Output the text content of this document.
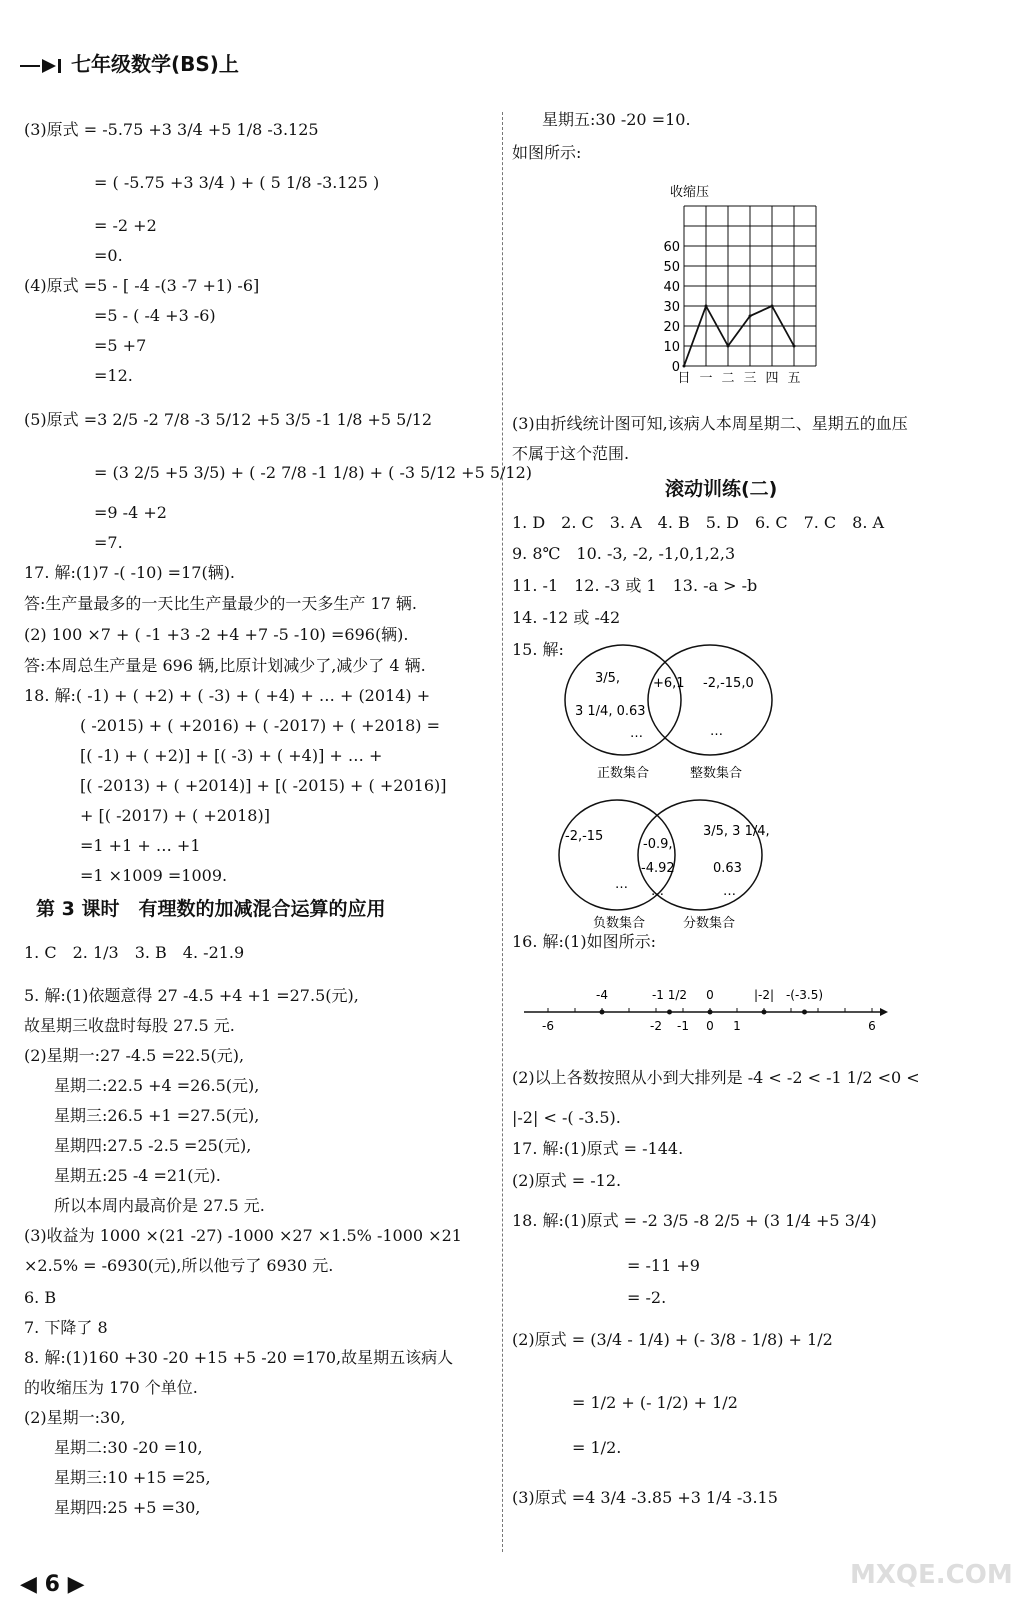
七年级数学(BS)上
(3)原式 = -5.75 +3 3/4 +5 1/8 -3.125
= ( -5.75 +3 3/4 ) + ( 5 1/8 -3.125 )
= -2 +2
=0.
(4)原式 =5 - [ -4 -(3 -7 +1) -6]
=5 - ( -4 +3 -6)
=5 +7
=12.
(5)原式 =3 2/5 -2 7/8 -3 5/12 +5 3/5 -1 1/8 +5 5/12
= (3 2/5 +5 3/5) + ( -2 7/8 -1 1/8) + ( -3 5/12 +5 5/12)
=9 -4 +2
=7.
17. 解:(1)7 -( -10) =17(辆).
答:生产量最多的一天比生产量最少的一天多生产 17 辆.
(2) 100 ×7 + ( -1 +3 -2 +4 +7 -5 -10) =696(辆).
答:本周总生产量是 696 辆,比原计划减少了,减少了 4 辆.
18. 解:( -1) + ( +2) + ( -3) + ( +4) + … + (2014) +
( -2015) + ( +2016) + ( -2017) + ( +2018) =
[( -1) + ( +2)] + [( -3) + ( +4)] + … +
[( -2013) + ( +2014)] + [( -2015) + ( +2016)]
+ [( -2017) + ( +2018)]
=1 +1 + … +1
=1 ×1009 =1009.
第 3 课时　有理数的加减混合运算的应用
1. C　2. 1/3　3. B　4. -21.9
5. 解:(1)依题意得 27 -4.5 +4 +1 =27.5(元),
故星期三收盘时每股 27.5 元.
(2)星期一:27 -4.5 =22.5(元),
星期二:22.5 +4 =26.5(元),
星期三:26.5 +1 =27.5(元),
星期四:27.5 -2.5 =25(元),
星期五:25 -4 =21(元).
所以本周内最高价是 27.5 元.
(3)收益为 1000 ×(21 -27) -1000 ×27 ×1.5% -1000 ×21
×2.5% = -6930(元),所以他亏了 6930 元.
6. B
7. 下降了 8
8. 解:(1)160 +30 -20 +15 +5 -20 =170,故星期五该病人
的收缩压为 170 个单位.
(2)星期一:30,
星期二:30 -20 =10,
星期三:10 +15 =25,
星期四:25 +5 =30,
星期五:30 -20 =10.
如图所示:
(3)由折线统计图可知,该病人本周星期二、星期五的血压
不属于这个范围.
滚动训练(二)
1. D　2. C　3. A　4. B　5. D　6. C　7. C　8. A
9. 8℃　10. -3, -2, -1,0,1,2,3
11. -1　12. -3 或 1　13. -a > -b
14. -12 或 -42
15. 解:
16. 解:(1)如图所示:
(2)以上各数按照从小到大排列是 -4 < -2 < -1 1/2 <0 <
|-2| < -( -3.5).
17. 解:(1)原式 = -144.
(2)原式 = -12.
18. 解:(1)原式 = -2 3/5 -8 2/5 + (3 1/4 +5 3/4)
= -11 +9
= -2.
(2)原式 = (3/4 - 1/4) + (- 3/8 - 1/8) + 1/2
= 1/2 + (- 1/2) + 1/2
= 1/2.
(3)原式 =4 3/4 -3.85 +3 1/4 -3.15
收缩压
0
10
20
30
40
50
60
日 一 二 三 四 五
3/5,
3 1/4, 0.63
…
+6,1 -2,-15,0
…
正数集合	整数集合
-2,-15
…
-0.9,
-4.92
…
3/5, 3 1/4,
0.63
…
负数集合	分数集合
-6	-2 -1 0 1	6
-4	-1 1/2 0	|-2| -(-3.5)
◀ 6 ▶	MXQE.COM
